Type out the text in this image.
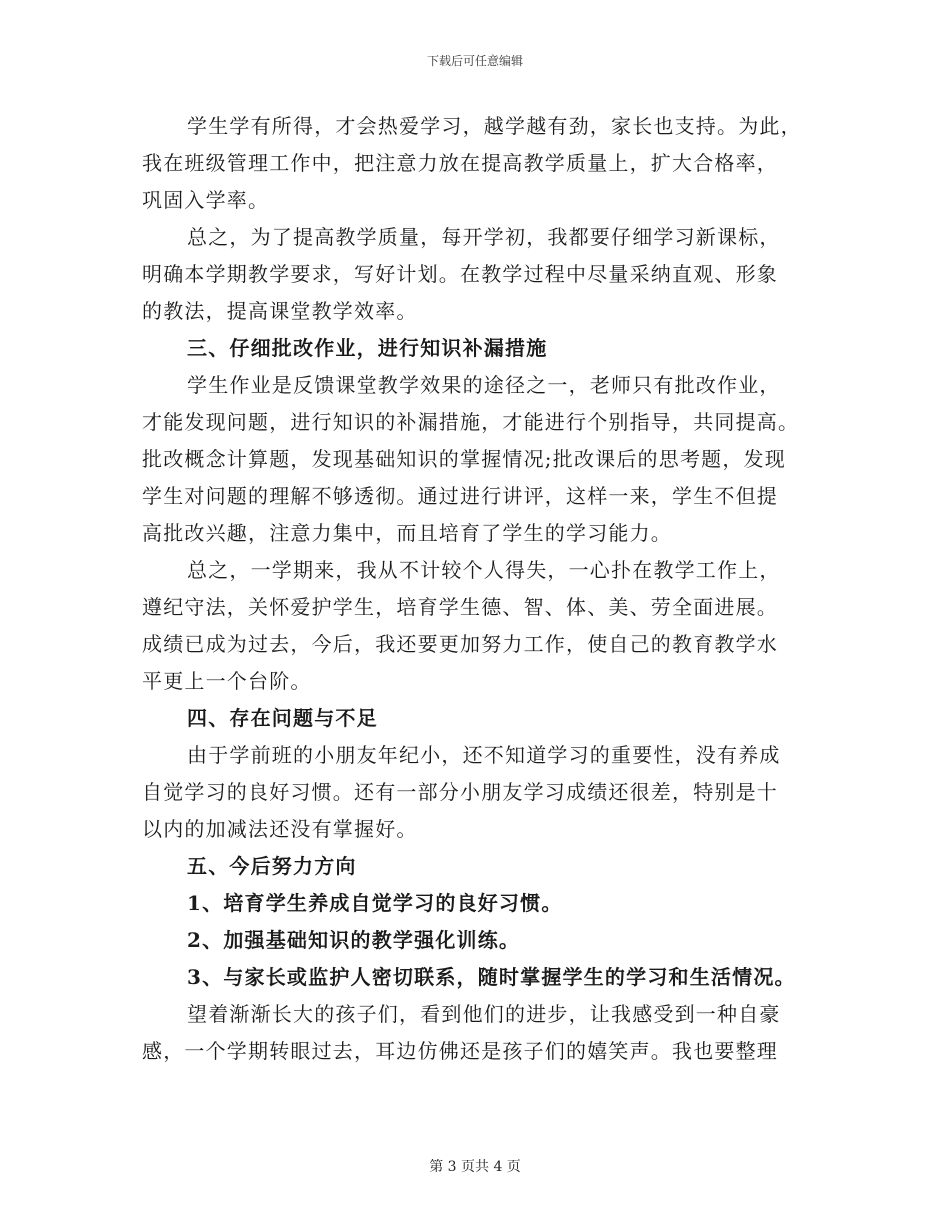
下载后可任意编辑
学生学有所得，才会热爱学习，越学越有劲，家长也支持。为此，
我在班级管理工作中，把注意力放在提高教学质量上，扩大合格率，
巩固入学率。
总之，为了提高教学质量，每开学初，我都要仔细学习新课标，
明确本学期教学要求，写好计划。在教学过程中尽量采纳直观、形象
的教法，提高课堂教学效率。
三、仔细批改作业，进行知识补漏措施
学生作业是反馈课堂教学效果的途径之一，老师只有批改作业，
才能发现问题，进行知识的补漏措施，才能进行个别指导，共同提高。
批改概念计算题，发现基础知识的掌握情况;批改课后的思考题，发现
学生对问题的理解不够透彻。通过进行讲评，这样一来，学生不但提
高批改兴趣，注意力集中，而且培育了学生的学习能力。
总之，一学期来，我从不计较个人得失，一心扑在教学工作上，
遵纪守法，关怀爱护学生，培育学生德、智、体、美、劳全面进展。
成绩已成为过去，今后，我还要更加努力工作，使自己的教育教学水
平更上一个台阶。
四、存在问题与不足
由于学前班的小朋友年纪小，还不知道学习的重要性，没有养成
自觉学习的良好习惯。还有一部分小朋友学习成绩还很差，特别是十
以内的加减法还没有掌握好。
五、今后努力方向
1、培育学生养成自觉学习的良好习惯。
2、加强基础知识的教学强化训练。
3、与家长或监护人密切联系，随时掌握学生的学习和生活情况。
望着渐渐长大的孩子们，看到他们的进步，让我感受到一种自豪
感，一个学期转眼过去，耳边仿佛还是孩子们的嬉笑声。我也要整理
第 3 页共 4 页
